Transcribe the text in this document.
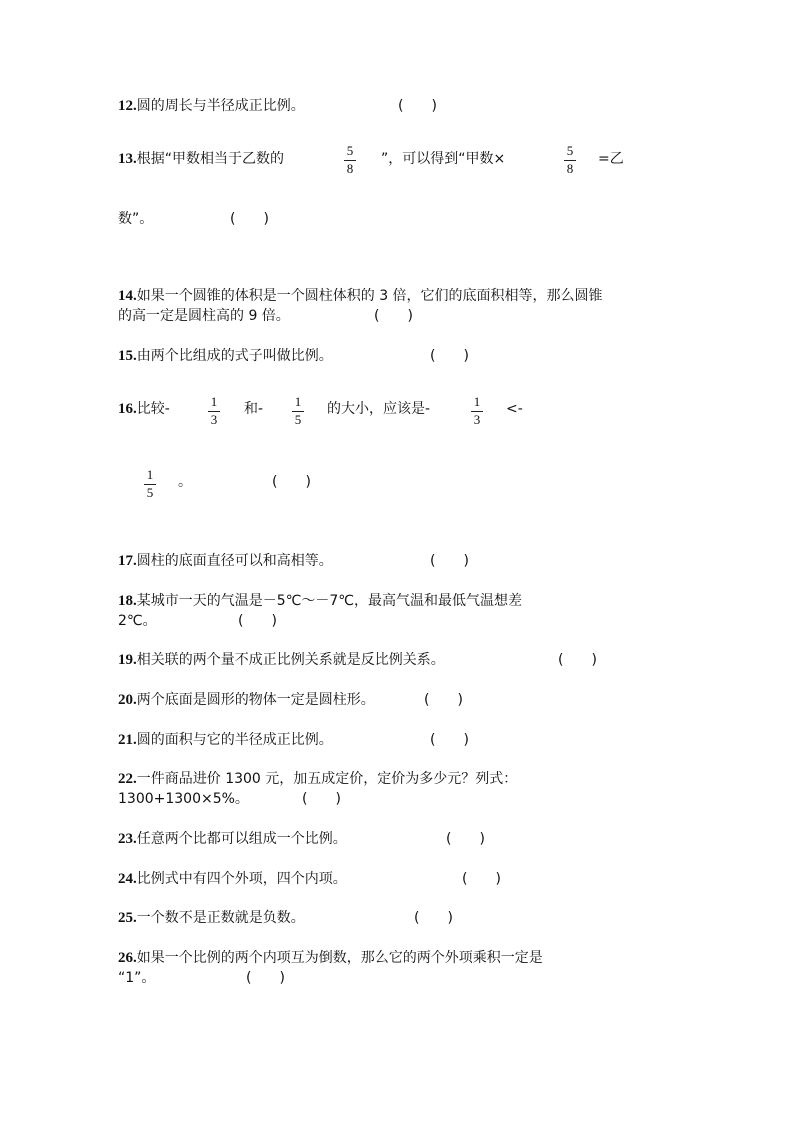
12.圆的周长与半径成正比例。	(　　)
13.根据“甲数相当于乙数的
5
8
”，可以得到“甲数×
5
8
=乙
数”。	(　　)
14.如果一个圆锥的体积是一个圆柱体积的 3 倍，它们的底面积相等，那么圆锥
的高一定是圆柱高的 9 倍。	(　　)
15.由两个比组成的式子叫做比例。	(　　)
16.比较-	1
3
和-	1
5
的大小，应该是-	1
3
<-
1
5
。	(　　)
17.圆柱的底面直径可以和高相等。	(　　)
18.某城市一天的气温是－5℃～－7℃，最高气温和最低气温想差
2℃。	(　　)
19.相关联的两个量不成正比例关系就是反比例关系。	(　　)
20.两个底面是圆形的物体一定是圆柱形。	(　　)
21.圆的面积与它的半径成正比例。	(　　)
22.一件商品进价 1300 元，加五成定价，定价为多少元？列式：
1300+1300×5%。	(　　)
23.任意两个比都可以组成一个比例。	(　　)
24.比例式中有四个外项，四个内项。	(　　)
25.一个数不是正数就是负数。	(　　)
26.如果一个比例的两个内项互为倒数，那么它的两个外项乘积一定是
“1”。	(　　)
